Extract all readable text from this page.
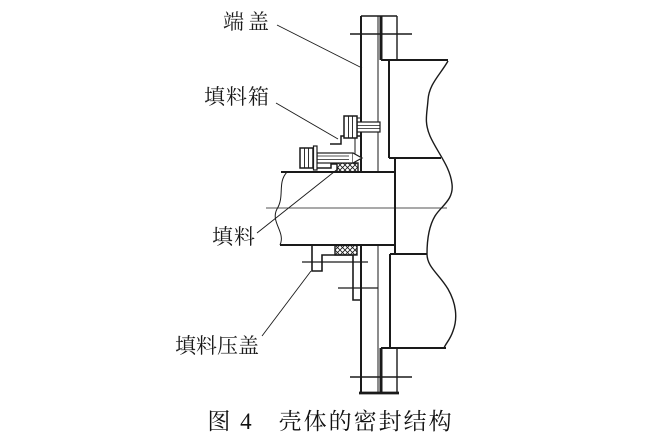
端盖
填料箱
填料
填料压盖
图 4　壳体的密封结构
